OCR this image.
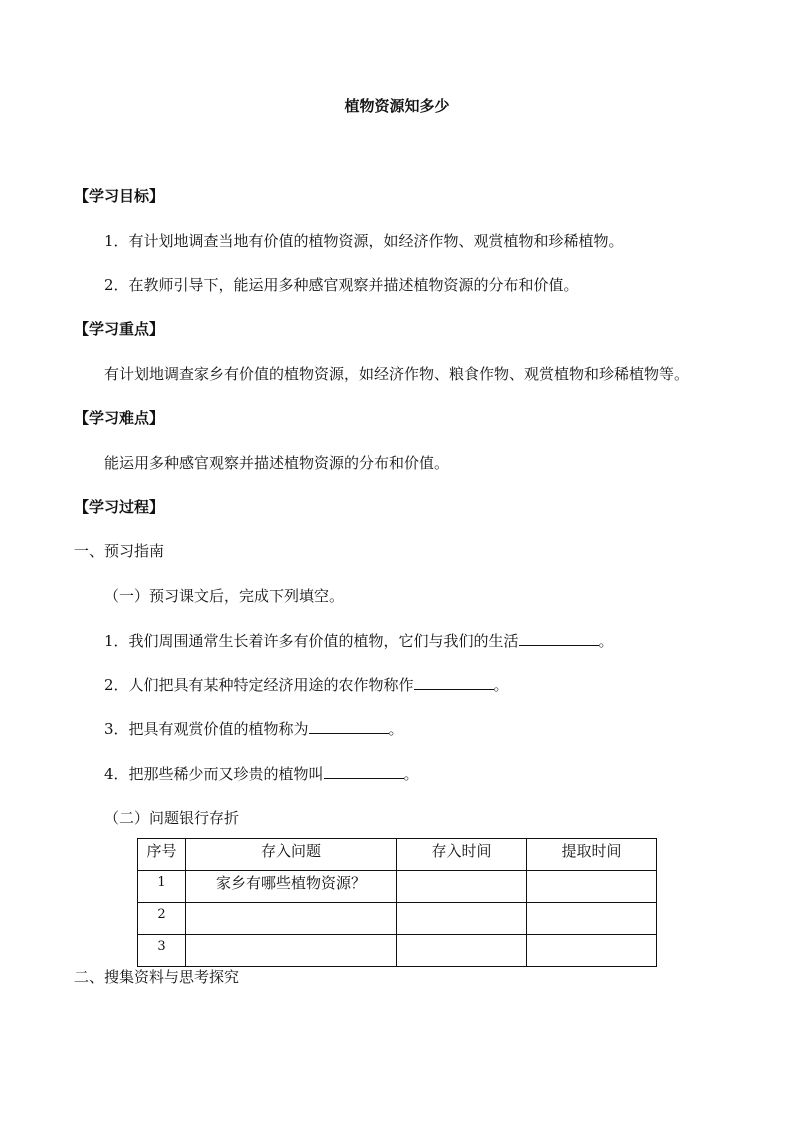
植物资源知多少
【学习目标】
1．有计划地调查当地有价值的植物资源，如经济作物、观赏植物和珍稀植物。
2．在教师引导下，能运用多种感官观察并描述植物资源的分布和价值。
【学习重点】
有计划地调查家乡有价值的植物资源，如经济作物、粮食作物、观赏植物和珍稀植物等。
【学习难点】
能运用多种感官观察并描述植物资源的分布和价值。
【学习过程】
一、预习指南
（一）预习课文后，完成下列填空。
1．我们周围通常生长着许多有价值的植物，它们与我们的生活	。
2．人们把具有某种特定经济用途的农作物称作	。
3．把具有观赏价值的植物称为	。
4．把那些稀少而又珍贵的植物叫	。
（二）问题银行存折
序号	存入问题	存入时间	提取时间
1	家乡有哪些植物资源？		
2			
3			
二、搜集资料与思考探究
